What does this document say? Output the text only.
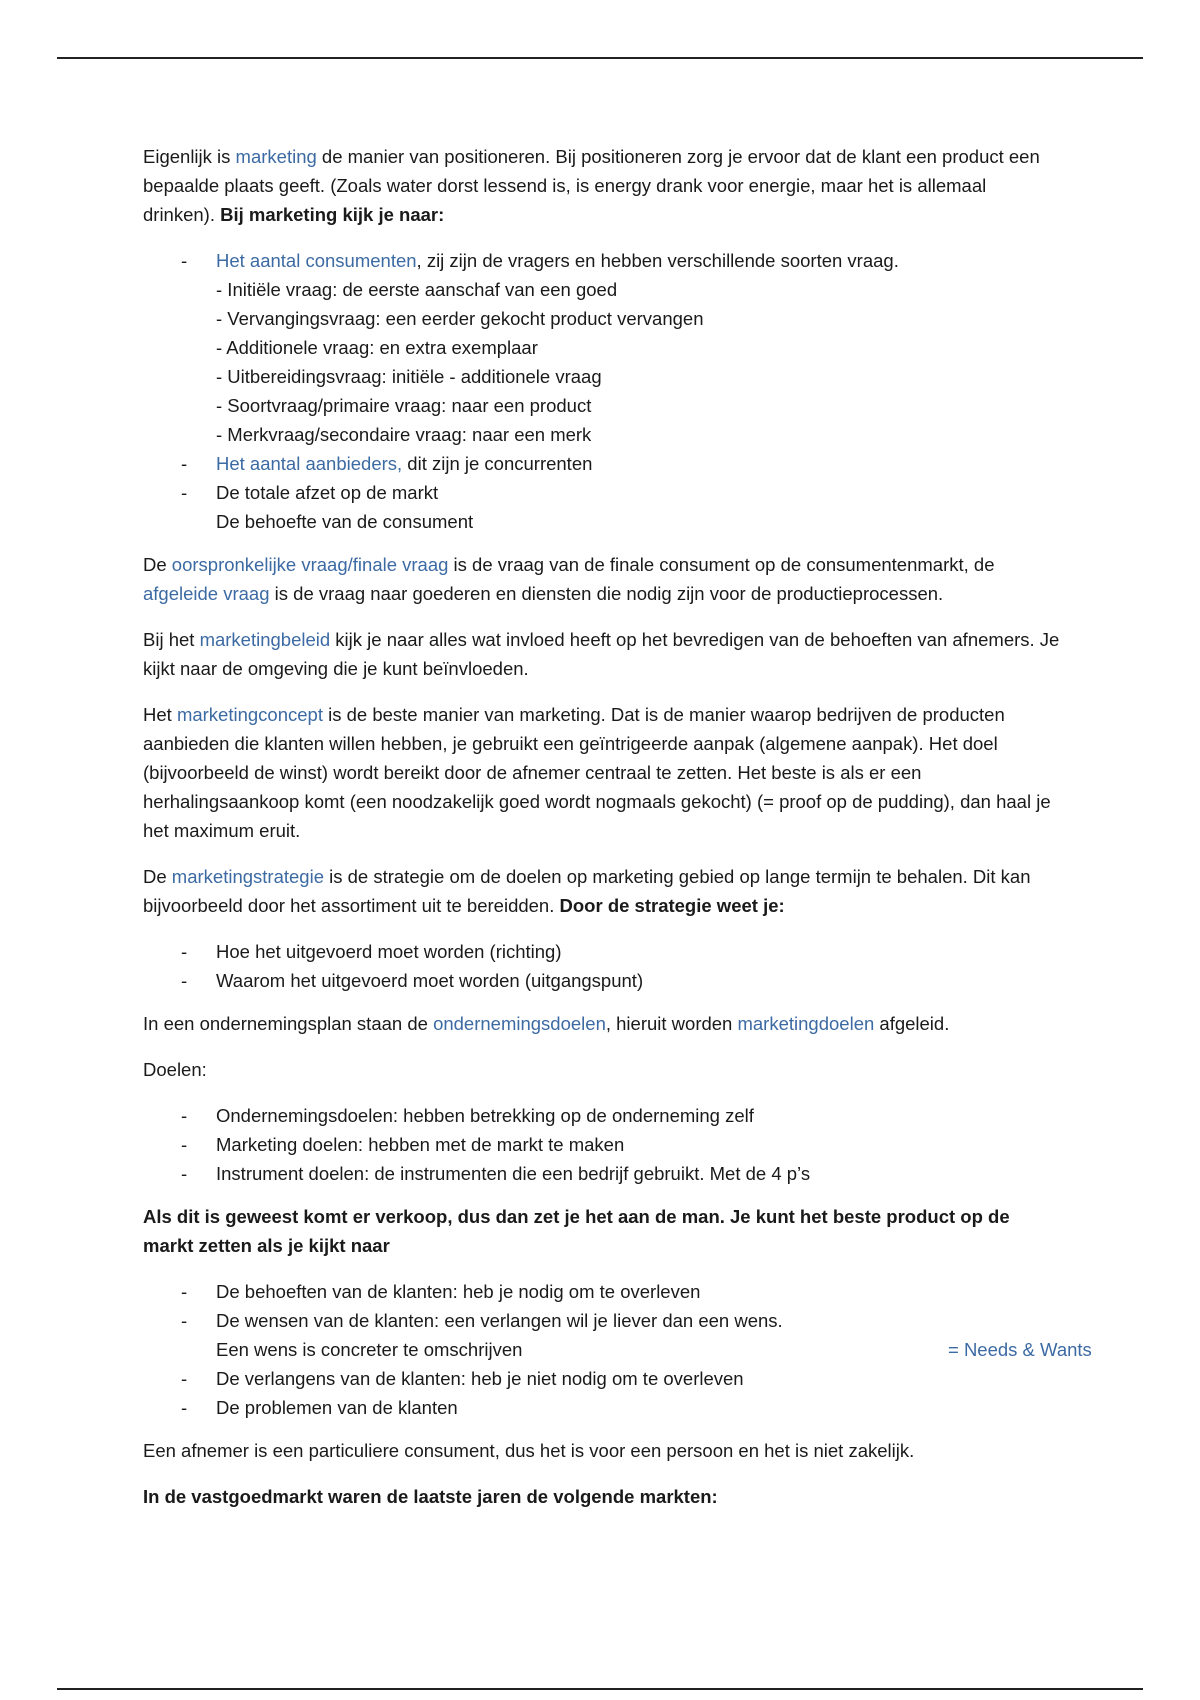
Eigenlijk is marketing de manier van positioneren. Bij positioneren zorg je ervoor dat de klant een product een bepaalde plaats geeft. (Zoals water dorst lessend is, is energy drank voor energie, maar het is allemaal drinken). Bij marketing kijk je naar:

- Het aantal consumenten, zij zijn de vragers en hebben verschillende soorten vraag.
- Initiële vraag: de eerste aanschaf van een goed
- Vervangingsvraag: een eerder gekocht product vervangen
- Additionele vraag: en extra exemplaar
- Uitbereidingsvraag: initiële - additionele vraag
- Soortvraag/primaire vraag: naar een product
- Merkvraag/secondaire vraag: naar een merk
- Het aantal aanbieders, dit zijn je concurrenten
- De totale afzet op de markt
De behoefte van de consument

De oorspronkelijke vraag/finale vraag is de vraag van de finale consument op de consumentenmarkt, de afgeleide vraag is de vraag naar goederen en diensten die nodig zijn voor de productieprocessen.

Bij het marketingbeleid kijk je naar alles wat invloed heeft op het bevredigen van de behoeften van afnemers. Je kijkt naar de omgeving die je kunt beïnvloeden.

Het marketingconcept is de beste manier van marketing. Dat is de manier waarop bedrijven de producten aanbieden die klanten willen hebben, je gebruikt een geïntrigeerde aanpak (algemene aanpak). Het doel (bijvoorbeeld de winst) wordt bereikt door de afnemer centraal te zetten. Het beste is als er een herhalingsaankoop komt (een noodzakelijk goed wordt nogmaals gekocht) (= proof op de pudding), dan haal je het maximum eruit.

De marketingstrategie is de strategie om de doelen op marketing gebied op lange termijn te behalen. Dit kan bijvoorbeeld door het assortiment uit te bereidden. Door de strategie weet je:

- Hoe het uitgevoerd moet worden (richting)
- Waarom het uitgevoerd moet worden (uitgangspunt)

In een ondernemingsplan staan de ondernemingsdoelen, hieruit worden marketingdoelen afgeleid.

Doelen:

- Ondernemingsdoelen: hebben betrekking op de onderneming zelf
- Marketing doelen: hebben met de markt te maken
- Instrument doelen: de instrumenten die een bedrijf gebruikt. Met de 4 p’s

Als dit is geweest komt er verkoop, dus dan zet je het aan de man. Je kunt het beste product op de markt zetten als je kijkt naar

- De behoeften van de klanten: heb je nodig om te overleven
- De wensen van de klanten: een verlangen wil je liever dan een wens.
Een wens is concreter te omschrijven	= Needs & Wants
- De verlangens van de klanten: heb je niet nodig om te overleven
- De problemen van de klanten

Een afnemer is een particuliere consument, dus het is voor een persoon en het is niet zakelijk.

In de vastgoedmarkt waren de laatste jaren de volgende markten:
